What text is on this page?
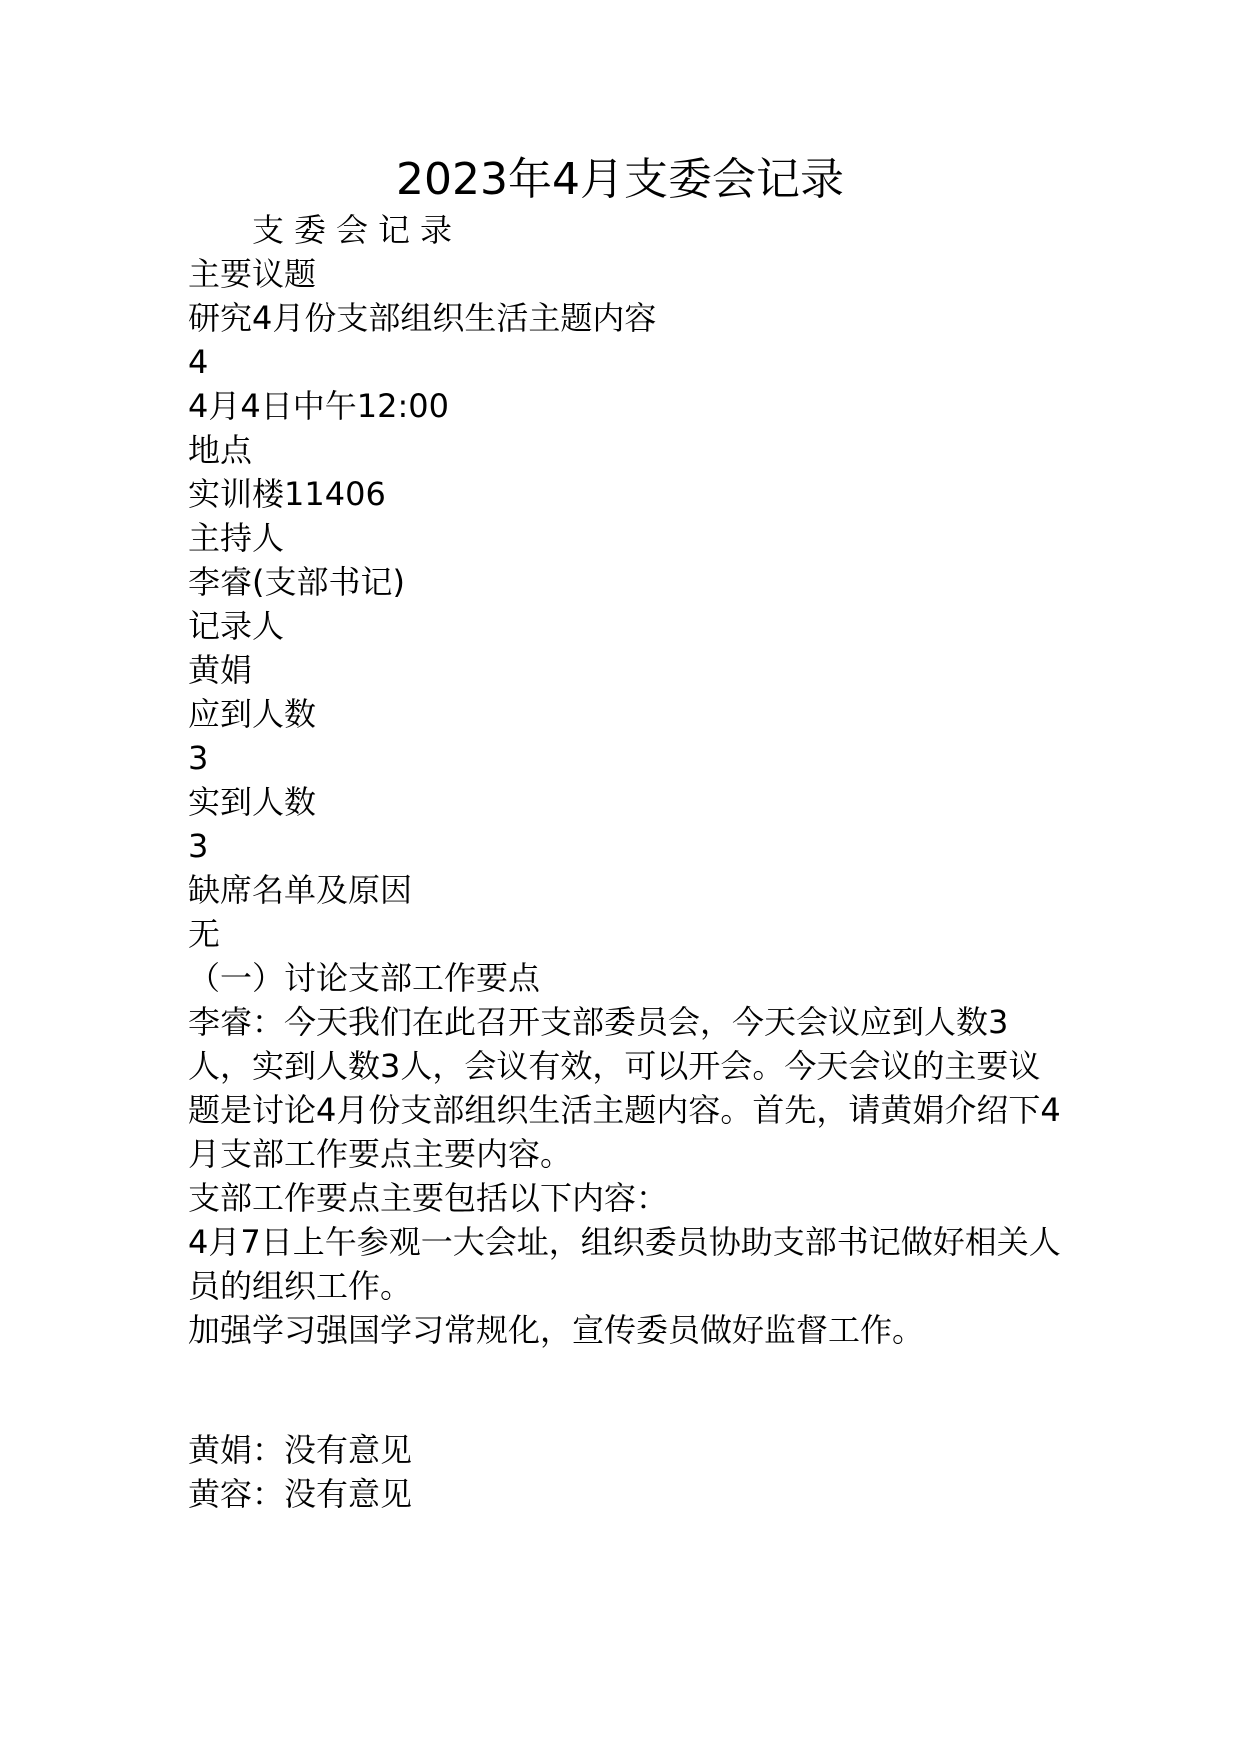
2023年4月支委会记录

支委会记录

主要议题

研究4月份支部组织生活主题内容

4

4月4日中午12:00

地点

实训楼11406

主持人

李睿(支部书记)

记录人

黄娟

应到人数

3

实到人数

3

缺席名单及原因

无

（一）讨论支部工作要点

李睿：今天我们在此召开支部委员会，今天会议应到人数3人，实到人数3人，会议有效，可以开会。今天会议的主要议题是讨论4月份支部组织生活主题内容。首先，请黄娟介绍下4月支部工作要点主要内容。

支部工作要点主要包括以下内容：

4月7日上午参观一大会址，组织委员协助支部书记做好相关人员的组织工作。

加强学习强国学习常规化，宣传委员做好监督工作。

黄娟：没有意见

黄容：没有意见
